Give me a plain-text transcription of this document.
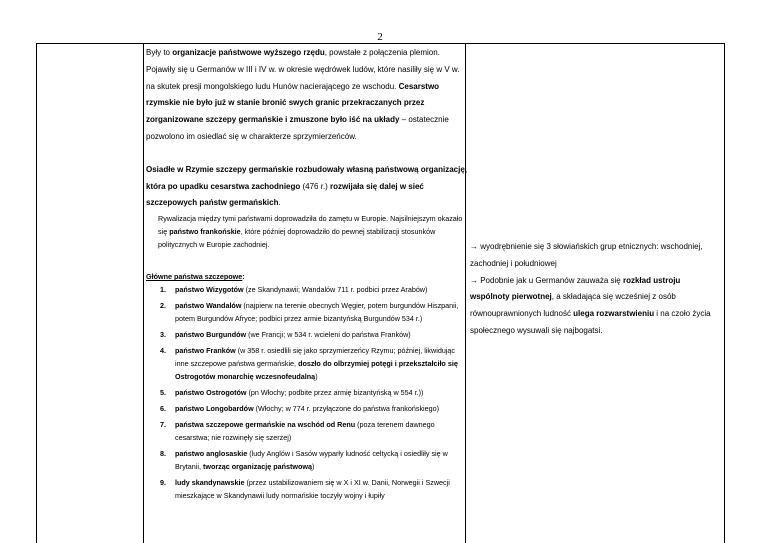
2

Były to organizacje państwowe wyższego rzędu, powstałe z połączenia plemion. Pojawiły się u Germanów w III i IV w. w okresie wędrówek ludów, które nasiliły się w V w. na skutek presji mongolskiego ludu Hunów nacierającego ze wschodu. Cesarstwo rzymskie nie było już w stanie bronić swych granic przekraczanych przez zorganizowane szczepy germańskie i zmuszone było iść na układy – ostatecznie pozwolono im osiedlać się w charakterze sprzymierzeńców.

Osiadłe w Rzymie szczepy germańskie rozbudowały własną państwową organizację, która po upadku cesarstwa zachodniego (476 r.) rozwijała się dalej w sieć szczepowych państw germańskich.

Rywalizacja między tymi państwami doprowadziła do zamętu w Europie. Najsilniejszym okazało się państwo frankońskie, które później doprowadziło do pewnej stabilizacji stosunków politycznych w Europie zachodniej.

Główne państwa szczepowe:

1. państwo Wizygotów (ze Skandynawii; Wandalów 711 r. podbici przez Arabów)
2. państwo Wandalów (najpierw na terenie obecnych Węgier, potem burgundów Hiszpanii, potem Burgundów Afryce; podbici przez armie bizantyńską Burgundów 534 r.)
3. państwo Burgundów (we Francji; w 534 r. wcieleni do państwa Franków)
4. państwo Franków (w 358 r. osiedlili się jako sprzymierzeńcy Rzymu; później, likwidując inne szczepowe państwa germańskie, doszło do olbrzymiej potęgi i przekształciło się Ostrogotów monarchię wczesnofeudalną)
5. państwo Ostrogotów (pn Włochy; podbite przez armię bizantyńską w 554 r.))
6. państwo Longobardów (Włochy; w 774 r. przyłączone do państwa frankońskiego)
7. państwa szczepowe germańskie na wschód od Renu (poza terenem dawnego cesarstwa; nie rozwinęły się szerzej)
8. państwo anglosaskie (ludy Anglów i Sasów wyparły ludność celtycką i osiedliły się w Brytanii, tworząc organizację państwową)
9. ludy skandynawskie (przez ustabilizowaniem się w X i XI w. Danii, Norwegii i Szwecji mieszkające w Skandynawii ludy normańskie toczyły wojny i łupiły

→ wyodrębnienie się 3 słowiańskich grup etnicznych: wschodniej, zachodniej i południowej

→ Podobnie jak u Germanów zauważa się rozkład ustroju wspólnoty pierwotnej, a składająca się wcześniej z osób równouprawnionych ludność ulega rozwarstwieniu i na czoło życia społecznego wysuwali się najbogatsi.
